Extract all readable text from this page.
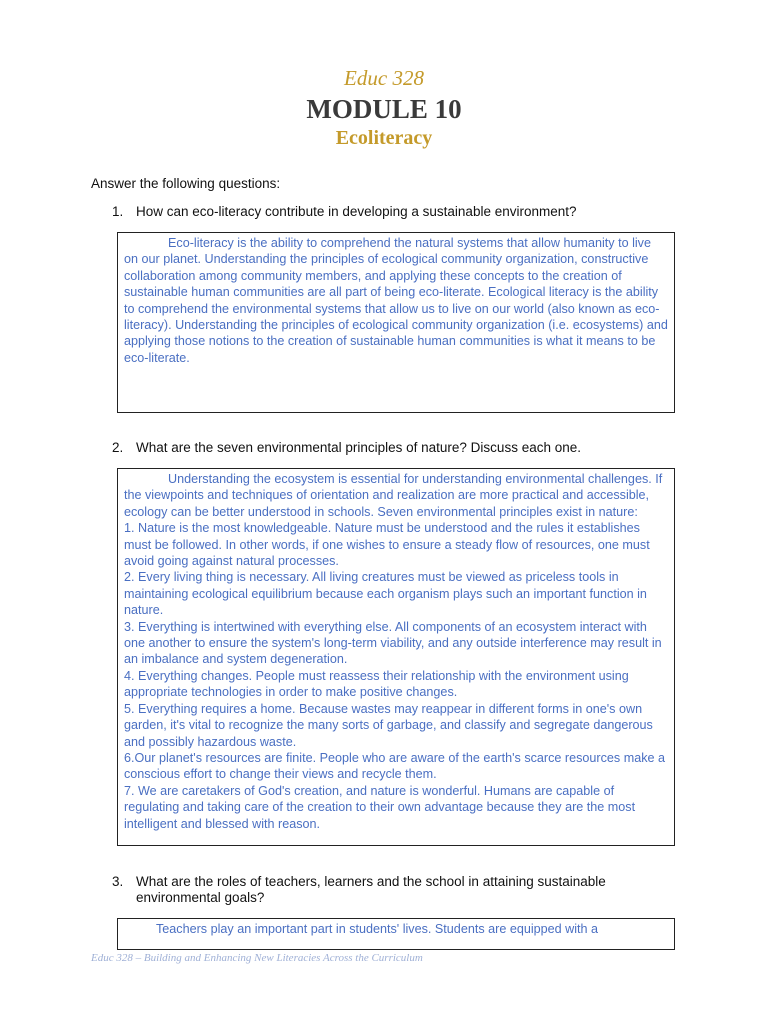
Educ 328
MODULE 10
Ecoliteracy
Answer the following questions:
1. How can eco-literacy contribute in developing a sustainable environment?

Eco-literacy is the ability to comprehend the natural systems that allow humanity to live on our planet. Understanding the principles of ecological community organization, constructive collaboration among community members, and applying these concepts to the creation of sustainable human communities are all part of being eco-literate. Ecological literacy is the ability to comprehend the environmental systems that allow us to live on our world (also known as eco-literacy). Understanding the principles of ecological community organization (i.e. ecosystems) and applying those notions to the creation of sustainable human communities is what it means to be eco-literate.

2. What are the seven environmental principles of nature? Discuss each one.

Understanding the ecosystem is essential for understanding environmental challenges. If the viewpoints and techniques of orientation and realization are more practical and accessible, ecology can be better understood in schools. Seven environmental principles exist in nature:

1. Nature is the most knowledgeable. Nature must be understood and the rules it establishes must be followed. In other words, if one wishes to ensure a steady flow of resources, one must avoid going against natural processes.

2. Every living thing is necessary. All living creatures must be viewed as priceless tools in maintaining ecological equilibrium because each organism plays such an important function in nature.

3. Everything is intertwined with everything else. All components of an ecosystem interact with one another to ensure the system's long-term viability, and any outside interference may result in an imbalance and system degeneration.

4. Everything changes. People must reassess their relationship with the environment using appropriate technologies in order to make positive changes.

5. Everything requires a home. Because wastes may reappear in different forms in one's own garden, it's vital to recognize the many sorts of garbage, and classify and segregate dangerous and possibly hazardous waste.

6.Our planet's resources are finite. People who are aware of the earth's scarce resources make a conscious effort to change their views and recycle them.

7. We are caretakers of God's creation, and nature is wonderful. Humans are capable of regulating and taking care of the creation to their own advantage because they are the most intelligent and blessed with reason.

3. What are the roles of teachers, learners and the school in attaining sustainable environmental goals?

Teachers play an important part in students' lives. Students are equipped with a

Educ 328 – Building and Enhancing New Literacies Across the Curriculum
